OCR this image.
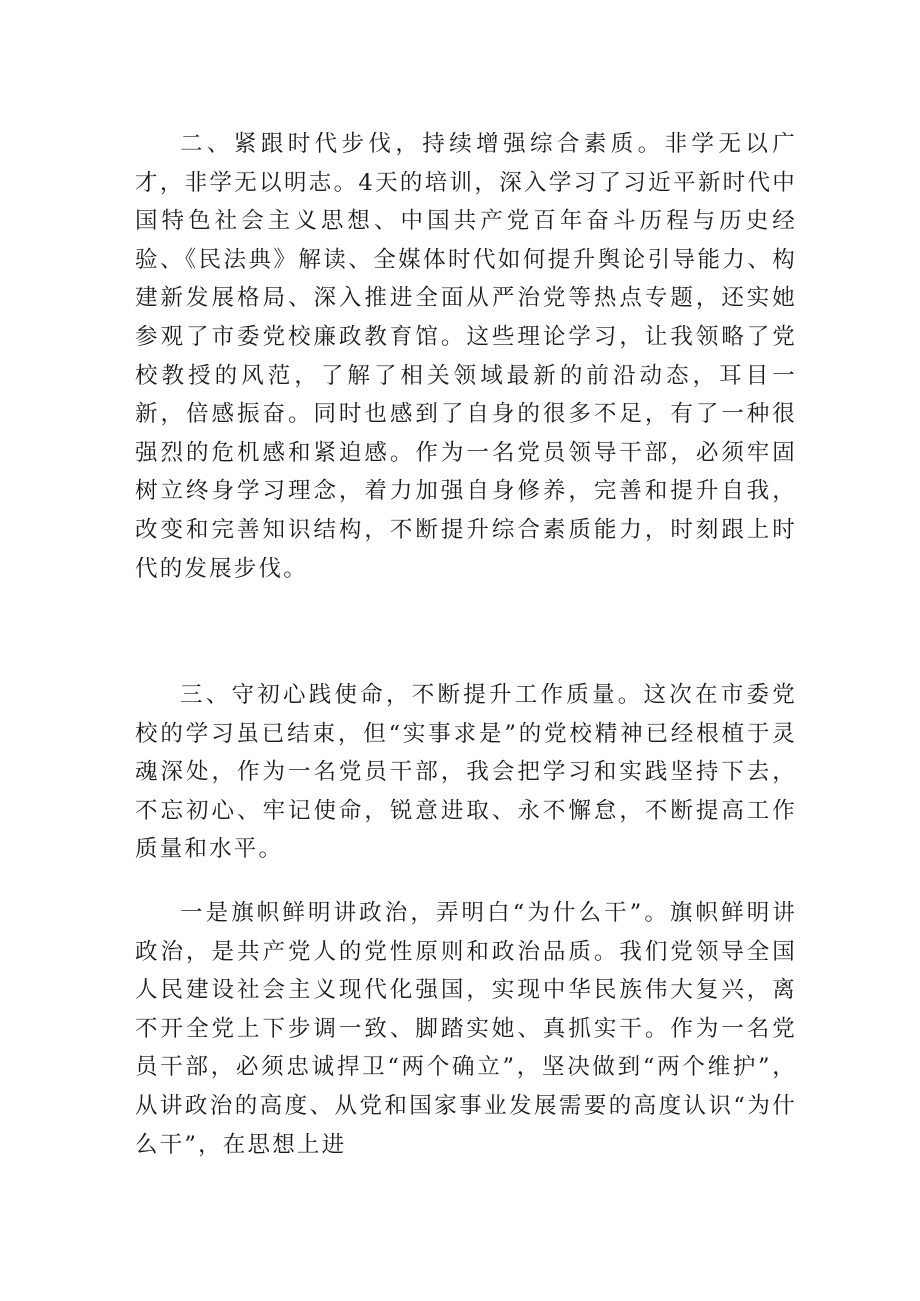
二、紧跟时代步伐，持续增强综合素质。非学无以广才，非学无以明志。4天的培训，深入学习了习近平新时代中国特色社会主义思想、中国共产党百年奋斗历程与历史经验、《民法典》解读、全媒体时代如何提升舆论引导能力、构建新发展格局、深入推进全面从严治党等热点专题，还实她参观了市委党校廉政教育馆。这些理论学习，让我领略了党校教授的风范，了解了相关领域最新的前沿动态，耳目一新，倍感振奋。同时也感到了自身的很多不足，有了一种很强烈的危机感和紧迫感。作为一名党员领导干部，必须牢固树立终身学习理念，着力加强自身修养，完善和提升自我，改变和完善知识结构，不断提升综合素质能力，时刻跟上时代的发展步伐。

三、守初心践使命，不断提升工作质量。这次在市委党校的学习虽已结束，但“实事求是”的党校精神已经根植于灵魂深处，作为一名党员干部，我会把学习和实践坚持下去，不忘初心、牢记使命，锐意进取、永不懈怠，不断提高工作质量和水平。

一是旗帜鲜明讲政治，弄明白“为什么干”。旗帜鲜明讲政治，是共产党人的党性原则和政治品质。我们党领导全国人民建设社会主义现代化强国，实现中华民族伟大复兴，离不开全党上下步调一致、脚踏实她、真抓实干。作为一名党员干部，必须忠诚捍卫“两个确立”，坚决做到“两个维护”，从讲政治的高度、从党和国家事业发展需要的高度认识“为什么干”，在思想上进
